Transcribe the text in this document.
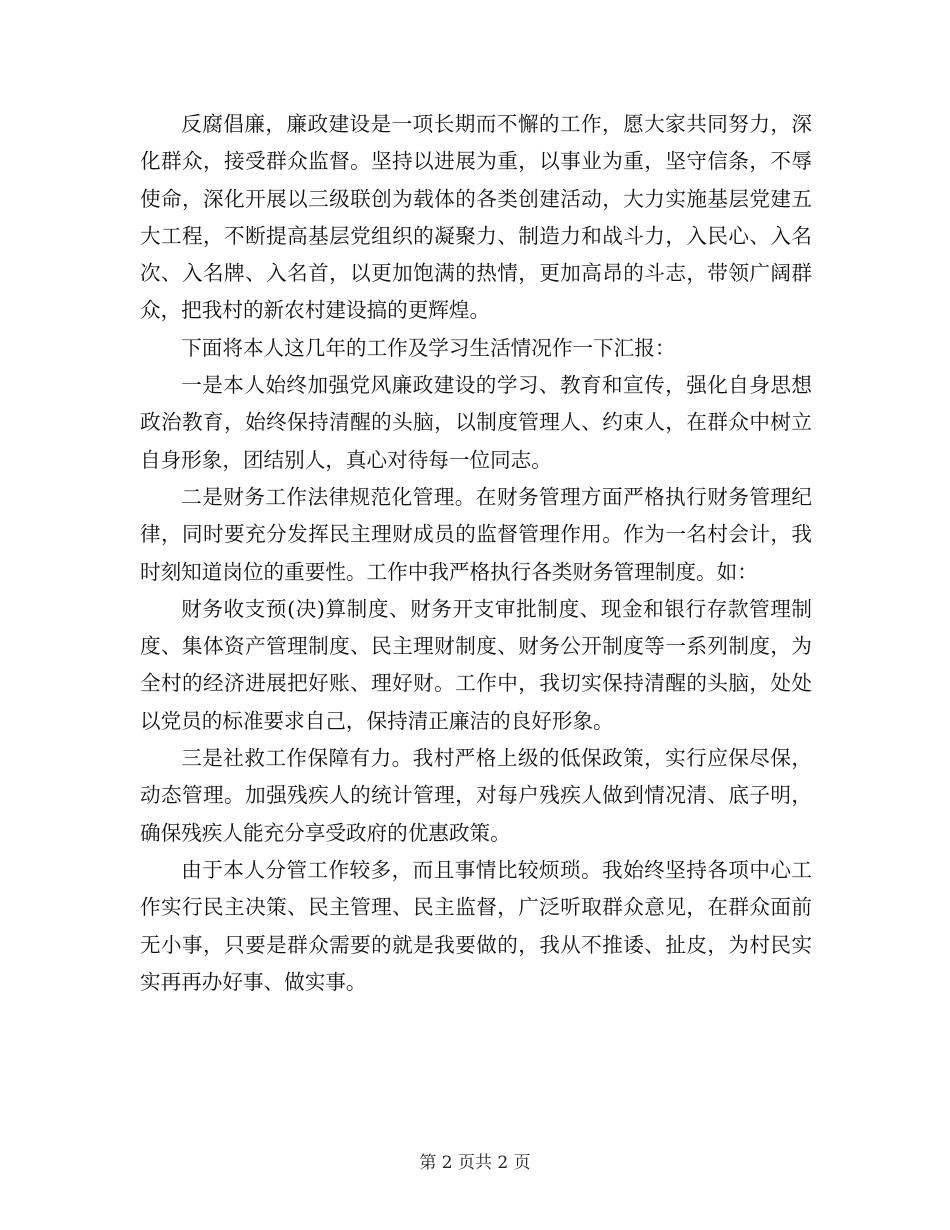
反腐倡廉，廉政建设是一项长期而不懈的工作，愿大家共同努力，深化群众，接受群众监督。坚持以进展为重，以事业为重，坚守信条，不辱使命，深化开展以三级联创为载体的各类创建活动，大力实施基层党建五大工程，不断提高基层党组织的凝聚力、制造力和战斗力，入民心、入名次、入名牌、入名首，以更加饱满的热情，更加高昂的斗志，带领广阔群众，把我村的新农村建设搞的更辉煌。

下面将本人这几年的工作及学习生活情况作一下汇报：

一是本人始终加强党风廉政建设的学习、教育和宣传，强化自身思想政治教育，始终保持清醒的头脑，以制度管理人、约束人，在群众中树立自身形象，团结别人，真心对待每一位同志。

二是财务工作法律规范化管理。在财务管理方面严格执行财务管理纪律，同时要充分发挥民主理财成员的监督管理作用。作为一名村会计，我时刻知道岗位的重要性。工作中我严格执行各类财务管理制度。如：

财务收支预(决)算制度、财务开支审批制度、现金和银行存款管理制度、集体资产管理制度、民主理财制度、财务公开制度等一系列制度，为全村的经济进展把好账、理好财。工作中，我切实保持清醒的头脑，处处以党员的标准要求自己，保持清正廉洁的良好形象。

三是社救工作保障有力。我村严格上级的低保政策，实行应保尽保，动态管理。加强残疾人的统计管理，对每户残疾人做到情况清、底子明，确保残疾人能充分享受政府的优惠政策。

由于本人分管工作较多，而且事情比较烦琐。我始终坚持各项中心工作实行民主决策、民主管理、民主监督，广泛听取群众意见，在群众面前无小事，只要是群众需要的就是我要做的，我从不推诿、扯皮，为村民实实再再办好事、做实事。

第 2 页共 2 页
